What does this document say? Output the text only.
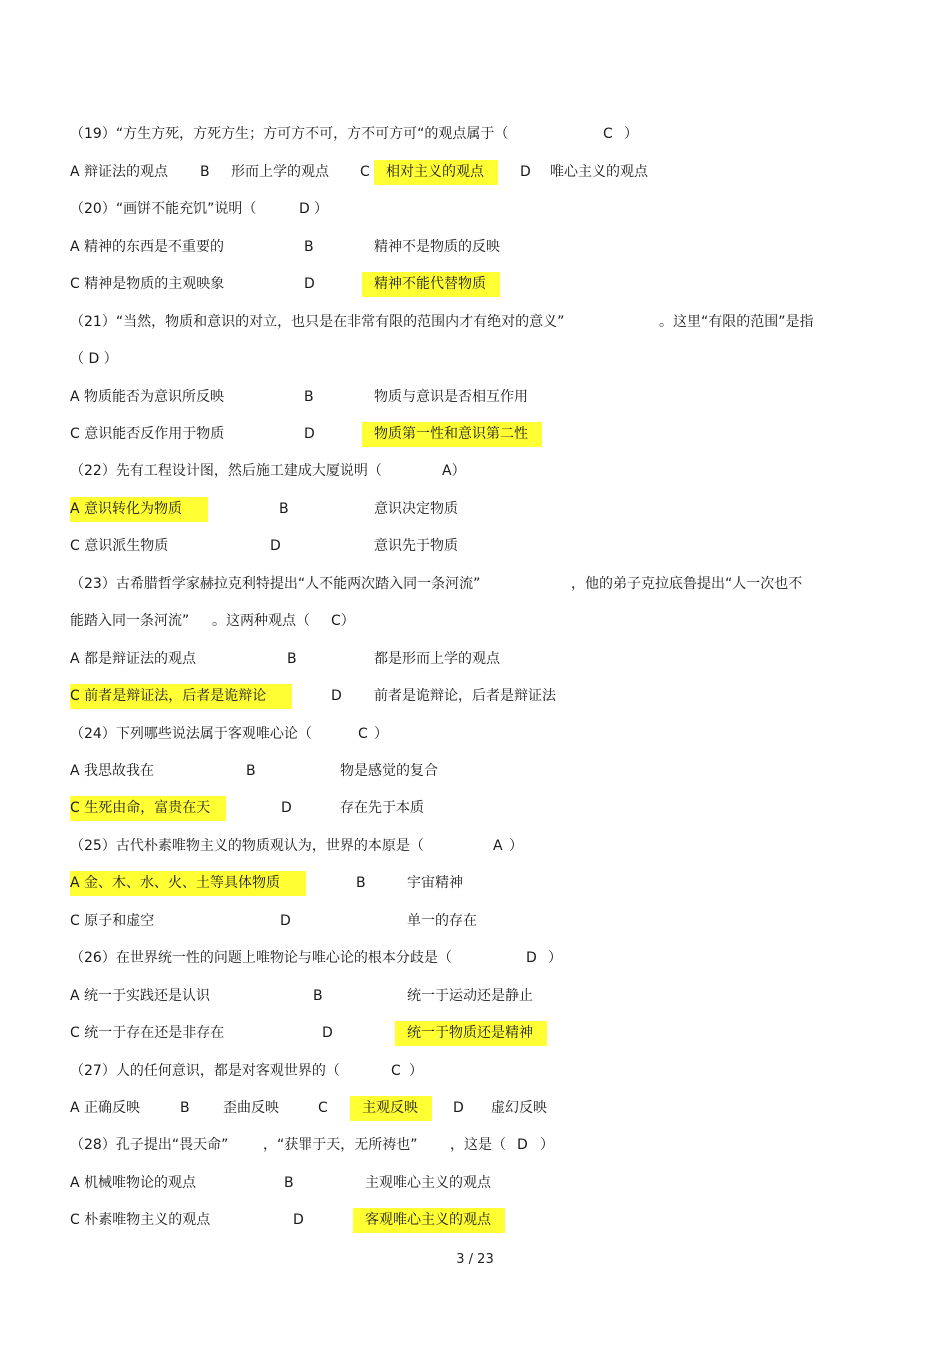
（19）“方生方死，方死方生；方可方不可，方不可方可“的观点属于（	C ）
A 辩证法的观点 B 形而上学的观点 C	相对主义的观点	D 唯心主义的观点
（20）“画饼不能充饥”说明（	D ）
A 精神的东西是不重要的	B	精神不是物质的反映
C 精神是物质的主观映象	D	精神不能代替物质
（21）“当然，物质和意识的对立，也只是在非常有限的范围内才有绝对的意义”	。这里“有限的范围”是指
（ D ）
A 物质能否为意识所反映	B	物质与意识是否相互作用
C 意识能否反作用于物质	D	物质第一性和意识第二性
（22）先有工程设计图，然后施工建成大厦说明（	A）
A 意识转化为物质	B	意识决定物质
C 意识派生物质	D	意识先于物质
（23）古希腊哲学家赫拉克利特提出“人不能两次踏入同一条河流”	，他的弟子克拉底鲁提出“人一次也不
能踏入同一条河流” 。这两种观点（ C）
A 都是辩证法的观点	B	都是形而上学的观点
C 前者是辩证法，后者是诡辩论	D 前者是诡辩论，后者是辩证法
（24）下列哪些说法属于客观唯心论（	C ）
A 我思故我在	B	物是感觉的复合
C 生死由命，富贵在天	D	存在先于本质
（25）古代朴素唯物主义的物质观认为，世界的本原是（	A ）
A 金、木、水、火、土等具体物质	B	宇宙精神
C 原子和虚空	D	单一的存在
（26）在世界统一性的问题上唯物论与唯心论的根本分歧是（	D ）
A 统一于实践还是认识	B	统一于运动还是静止
C 统一于存在还是非存在	D	统一于物质还是精神
（27）人的任何意识，都是对客观世界的（	C ）
A 正确反映	B 歪曲反映	C	主观反映	D 虚幻反映
（28）孔子提出“畏天命” ，“获罪于天，无所祷也” ，这是（ D ）
A 机械唯物论的观点	B	主观唯心主义的观点
C 朴素唯物主义的观点	D	客观唯心主义的观点
3 / 23
